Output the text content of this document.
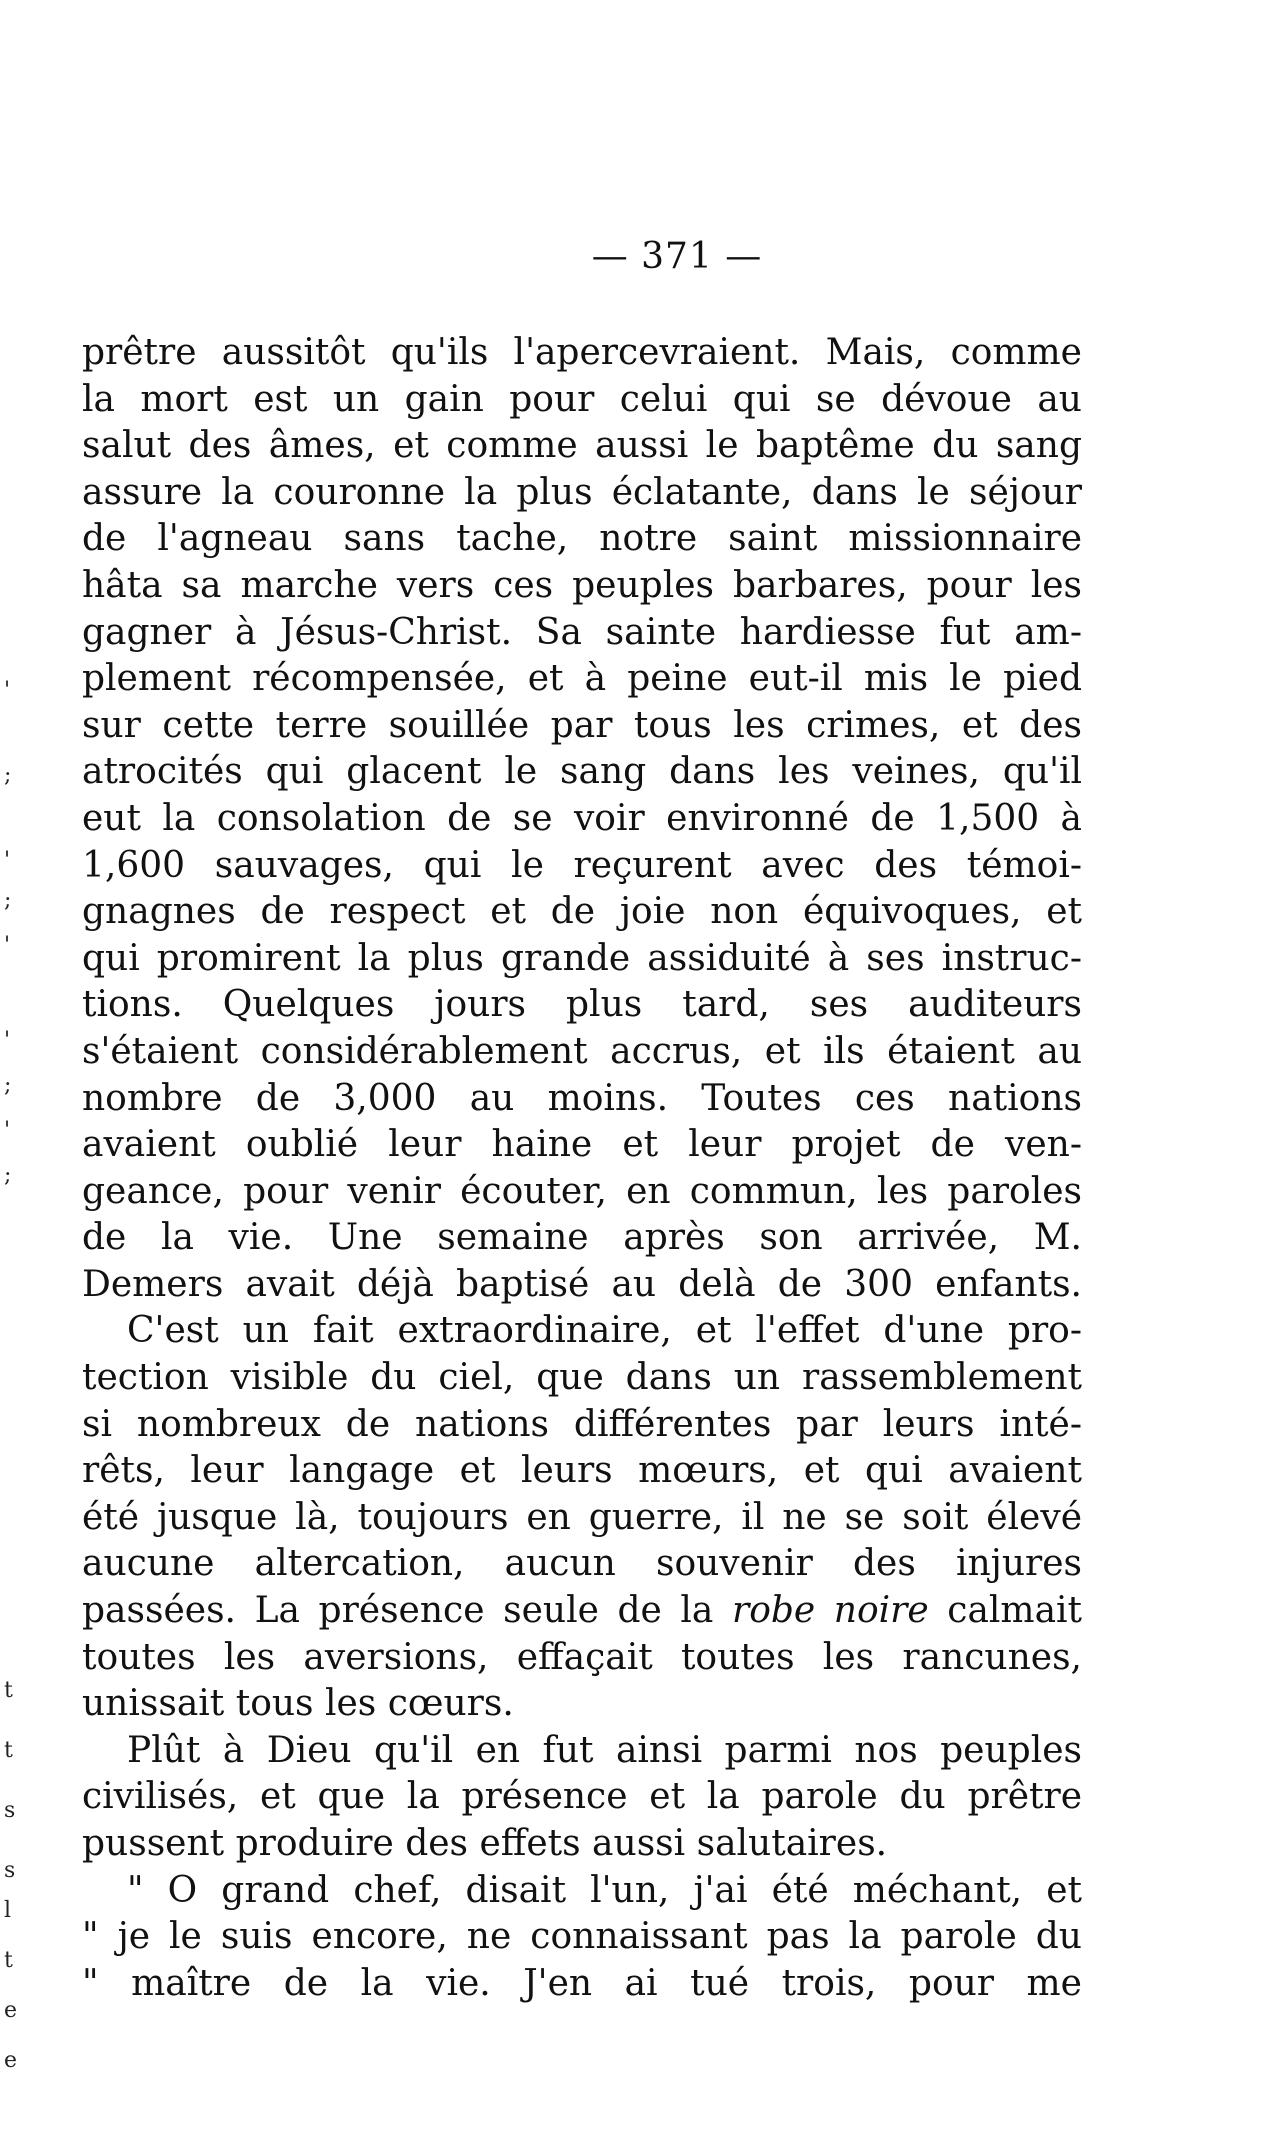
— 371 —
prêtre aussitôt qu'ils l'apercevraient. Mais, comme
la mort est un gain pour celui qui se dévoue au
salut des âmes, et comme aussi le baptême du sang
assure la couronne la plus éclatante, dans le séjour
de l'agneau sans tache, notre saint missionnaire
hâta sa marche vers ces peuples barbares, pour les
gagner à Jésus-Christ. Sa sainte hardiesse fut am-
plement récompensée, et à peine eut-il mis le pied
sur cette terre souillée par tous les crimes, et des
atrocités qui glacent le sang dans les veines, qu'il
eut la consolation de se voir environné de 1,500 à
1,600 sauvages, qui le reçurent avec des témoi-
gnagnes de respect et de joie non équivoques, et
qui promirent la plus grande assiduité à ses instruc-
tions. Quelques jours plus tard, ses auditeurs
s'étaient considérablement accrus, et ils étaient au
nombre de 3,000 au moins. Toutes ces nations
avaient oublié leur haine et leur projet de ven-
geance, pour venir écouter, en commun, les paroles
de la vie. Une semaine après son arrivée, M.
Demers avait déjà baptisé au delà de 300 enfants.
C'est un fait extraordinaire, et l'effet d'une pro-
tection visible du ciel, que dans un rassemblement
si nombreux de nations différentes par leurs inté-
rêts, leur langage et leurs mœurs, et qui avaient
été jusque là, toujours en guerre, il ne se soit élevé
aucune altercation, aucun souvenir des injures
passées. La présence seule de la robe noire calmait
toutes les aversions, effaçait toutes les rancunes,
unissait tous les cœurs.
Plût à Dieu qu'il en fut ainsi parmi nos peuples
civilisés, et que la présence et la parole du prêtre
pussent produire des effets aussi salutaires.
" O grand chef, disait l'un, j'ai été méchant, et
" je le suis encore, ne connaissant pas la parole du
" maître de la vie. J'en ai tué trois, pour me
'
;
'
;
'
'
;
'
;
t
t
s
s
l
t
e
e
